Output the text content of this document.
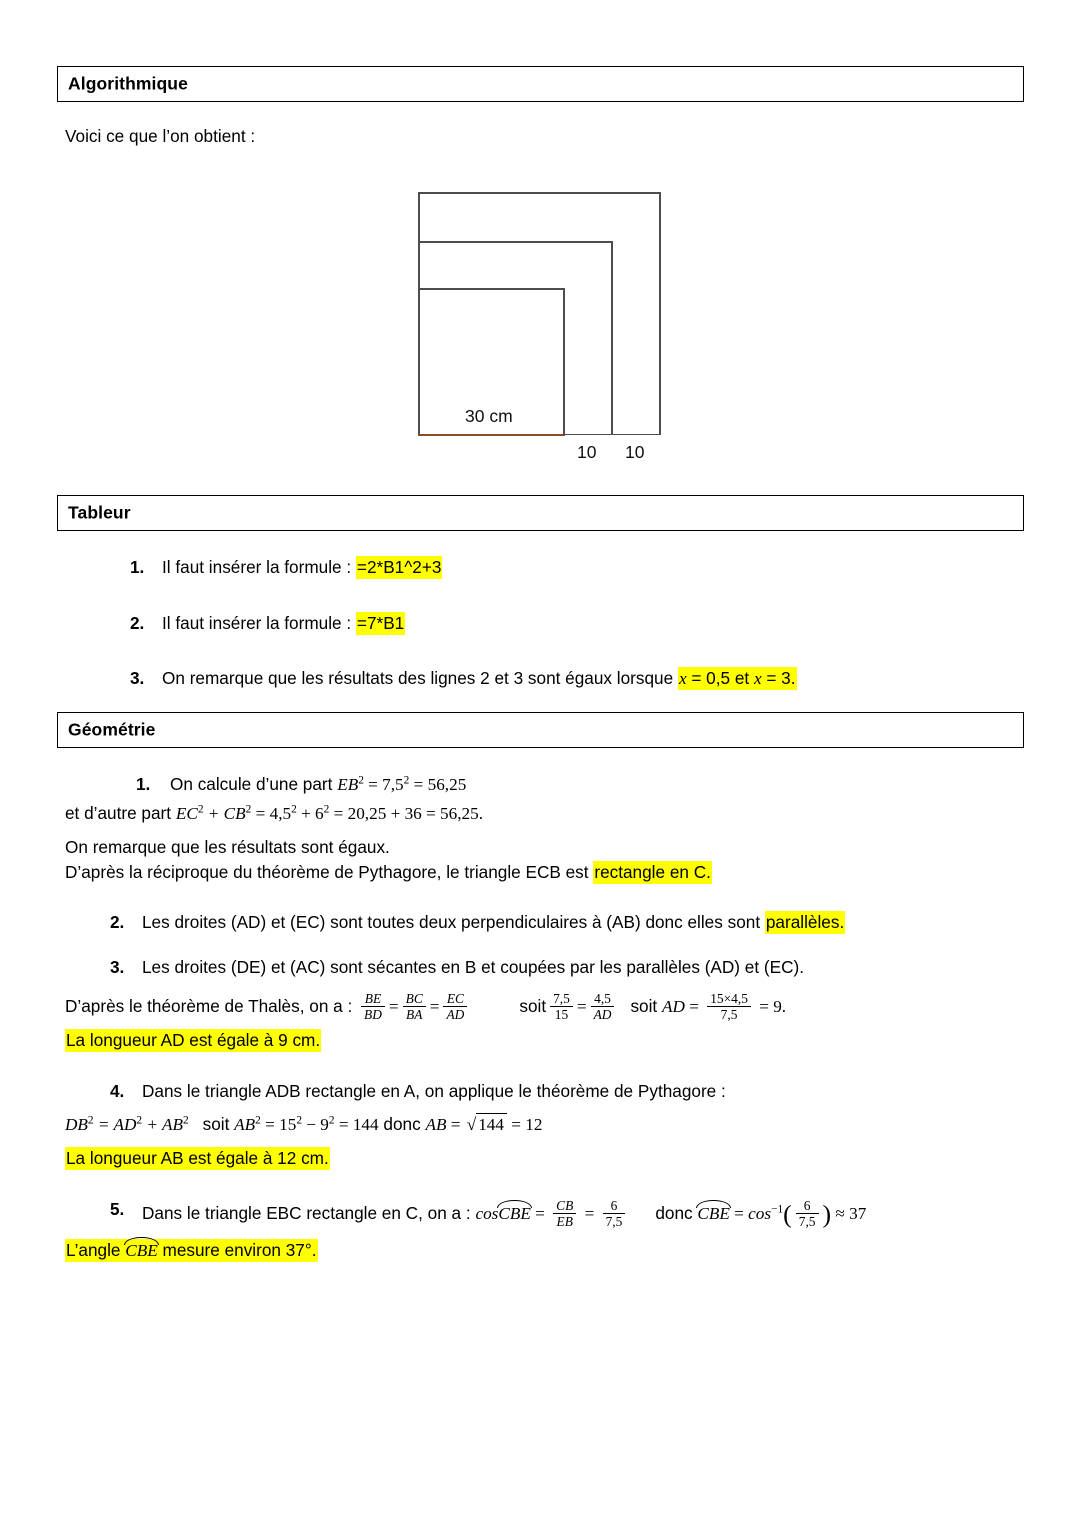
Algorithmique
Voici ce que l’on obtient :
30 cm
10 10
Tableur
1. Il faut insérer la formule : =2*B1^2+3
2. Il faut insérer la formule : =7*B1
3. On remarque que les résultats des lignes 2 et 3 sont égaux lorsque x = 0,5 et x = 3.
Géométrie
1. On calcule d’une part $EB^2 = 7,5^2 = 56,25$
et d’autre part $EC^2 + CB^2 = 4,5^2 + 6^2 = 20,25 + 36 = 56,25$.
On remarque que les résultats sont égaux.
D’après la réciproque du théorème de Pythagore, le triangle ECB est rectangle en C.
2. Les droites (AD) et (EC) sont toutes deux perpendiculaires à (AB) donc elles sont parallèles.
3. Les droites (DE) et (AC) sont sécantes en B et coupées par les parallèles (AD) et (EC).
D’après le théorème de Thalès, on a : $\frac{BE}{BD} = \frac{BC}{BA} = \frac{EC}{AD}$	soit $\frac{7,5}{15} = \frac{4,5}{AD}$ soit AD = $\frac{15\times 4,5}{7,5} = 9$.
La longueur AD est égale à 9 cm.
4. Dans le triangle ADB rectangle en A, on applique le théorème de Pythagore :
$DB^2 = AD^2 + AB^2$ soit $AB^2 = 15^2 - 9^2 = 144$ donc AB = √ 144 = 12
La longueur AB est égale à 12 cm.
5. Dans le triangle EBC rectangle en C, on a : cosCBE = $\frac{CB}{EB} = \frac{6}{7,5}$ donc CBE = $\cos^{-1}( \frac{6}{7,5}$ ) ≈ 37
L’angle CBE mesure environ 37°.
